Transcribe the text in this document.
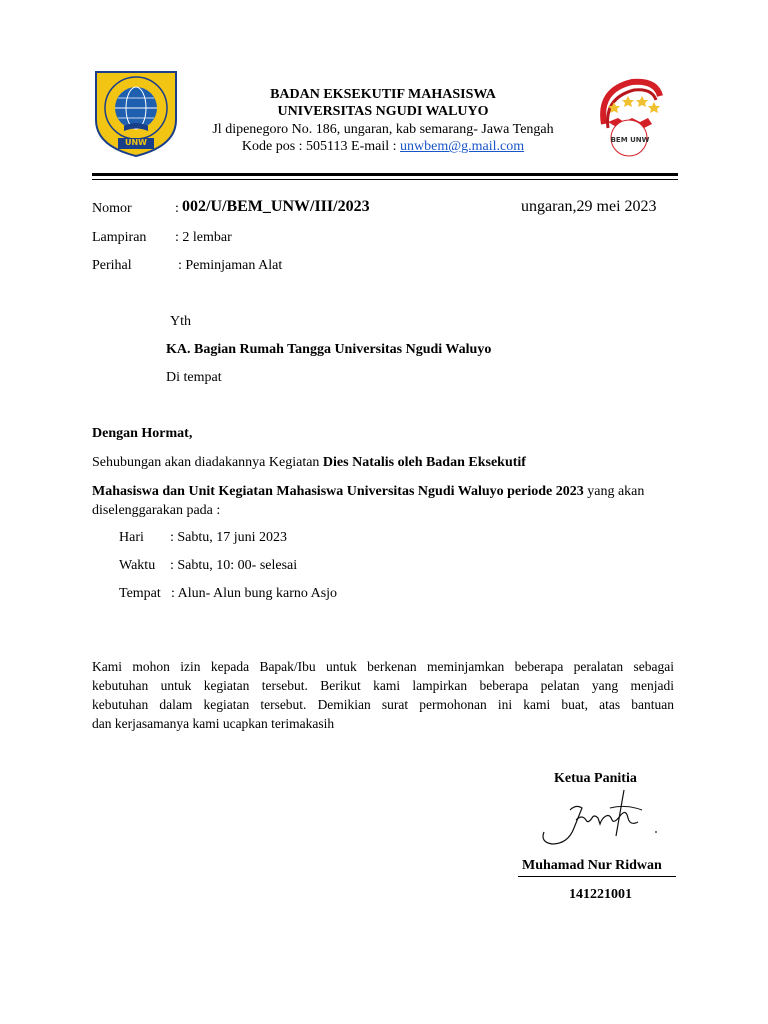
UNW	BEM UNW
BADAN EKSEKUTIF MAHASISWA
UNIVERSITAS NGUDI WALUYO
Jl dipenegoro No. 186, ungaran, kab semarang- Jawa Tengah
Kode pos : 505113 E-mail : unwbem@g.mail.com
Nomor	: 002/U/BEM_UNW/III/2023	ungaran,29 mei 2023
Lampiran : 2 lembar
Perihal	: Peminjaman Alat
Yth
KA. Bagian Rumah Tangga Universitas Ngudi Waluyo
Di tempat
Dengan Hormat,
Sehubungan akan diadakannya Kegiatan Dies Natalis oleh Badan Eksekutif
Mahasiswa dan Unit Kegiatan Mahasiswa Universitas Ngudi Waluyo periode 2023 yang akan
diselenggarakan pada :
Hari : Sabtu, 17 juni 2023
Waktu : Sabtu, 10: 00- selesai
Tempat : Alun- Alun bung karno Asjo
Kami mohon izin kepada Bapak/Ibu untuk berkenan meminjamkan beberapa peralatan sebagai
kebutuhan untuk kegiatan tersebut. Berikut kami lampirkan beberapa pelatan yang menjadi
kebutuhan dalam kegiatan tersebut. Demikian surat permohonan ini kami buat, atas bantuan
dan kerjasamanya kami ucapkan terimakasih
Ketua Panitia
Muhamad Nur Ridwan
141221001
